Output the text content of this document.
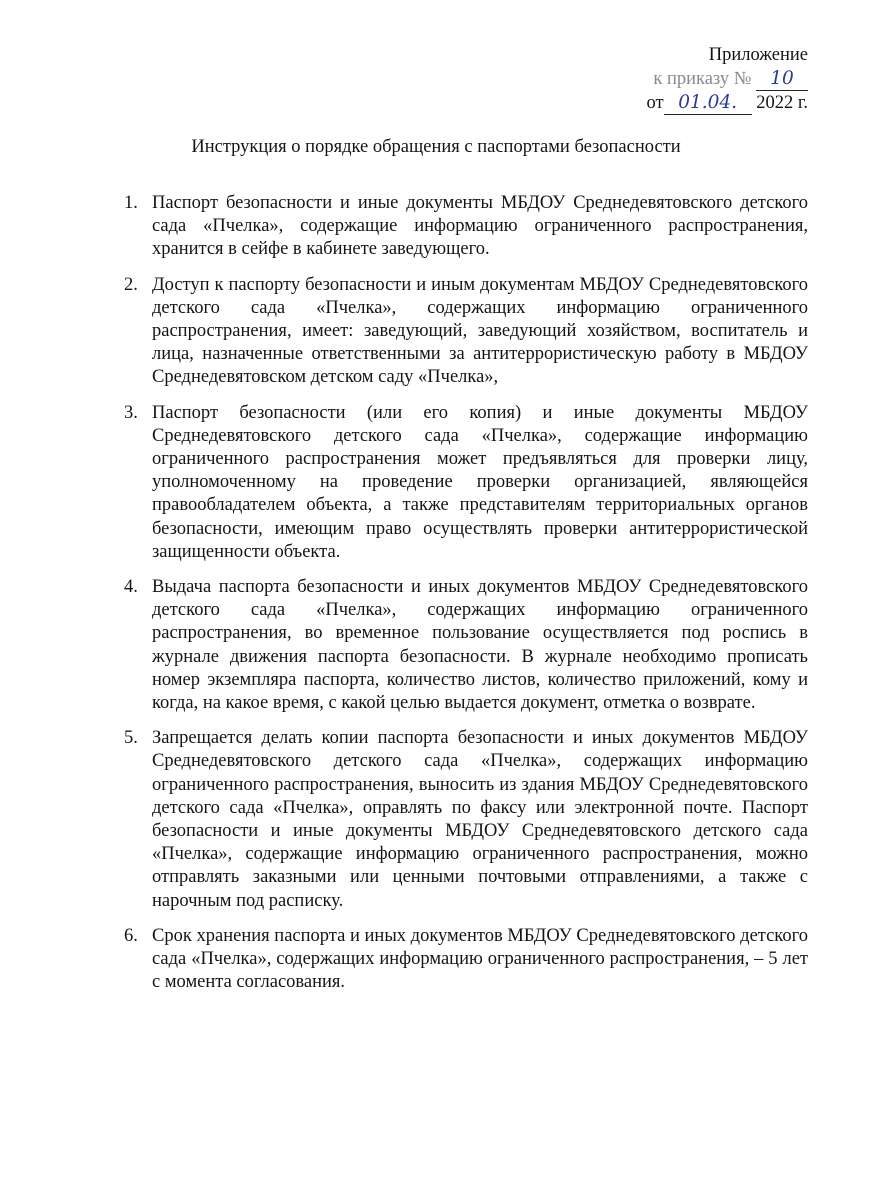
Приложение
к приказу № 10
от 01.04. 2022 г.
Инструкция о порядке обращения с паспортами безопасности
1. Паспорт безопасности и иные документы МБДОУ Среднедевятовского детского сада «Пчелка», содержащие информацию ограниченного распространения, хранится в сейфе в кабинете заведующего.
2. Доступ к паспорту безопасности и иным документам МБДОУ Среднедевятовского детского сада «Пчелка», содержащих информацию ограниченного распространения, имеет: заведующий, заведующий хозяйством, воспитатель и лица, назначенные ответственными за антитеррористическую работу в МБДОУ Среднедевятовском детском саду «Пчелка»,
3. Паспорт безопасности (или его копия) и иные документы МБДОУ Среднедевятовского детского сада «Пчелка», содержащие информацию ограниченного распространения может предъявляться для проверки лицу, уполномоченному на проведение проверки организацией, являющейся правообладателем объекта, а также представителям территориальных органов безопасности, имеющим право осуществлять проверки антитеррористической защищенности объекта.
4. Выдача паспорта безопасности и иных документов МБДОУ Среднедевятовского детского сада «Пчелка», содержащих информацию ограниченного распространения, во временное пользование осуществляется под роспись в журнале движения паспорта безопасности. В журнале необходимо прописать номер экземпляра паспорта, количество листов, количество приложений, кому и когда, на какое время, с какой целью выдается документ, отметка о возврате.
5. Запрещается делать копии паспорта безопасности и иных документов МБДОУ Среднедевятовского детского сада «Пчелка», содержащих информацию ограниченного распространения, выносить из здания МБДОУ Среднедевятовского детского сада «Пчелка», оправлять по факсу или электронной почте. Паспорт безопасности и иные документы МБДОУ Среднедевятовского детского сада «Пчелка», содержащие информацию ограниченного распространения, можно отправлять заказными или ценными почтовыми отправлениями, а также с нарочным под расписку.
6. Срок хранения паспорта и иных документов МБДОУ Среднедевятовского детского сада «Пчелка», содержащих информацию ограниченного распространения, – 5 лет с момента согласования.
